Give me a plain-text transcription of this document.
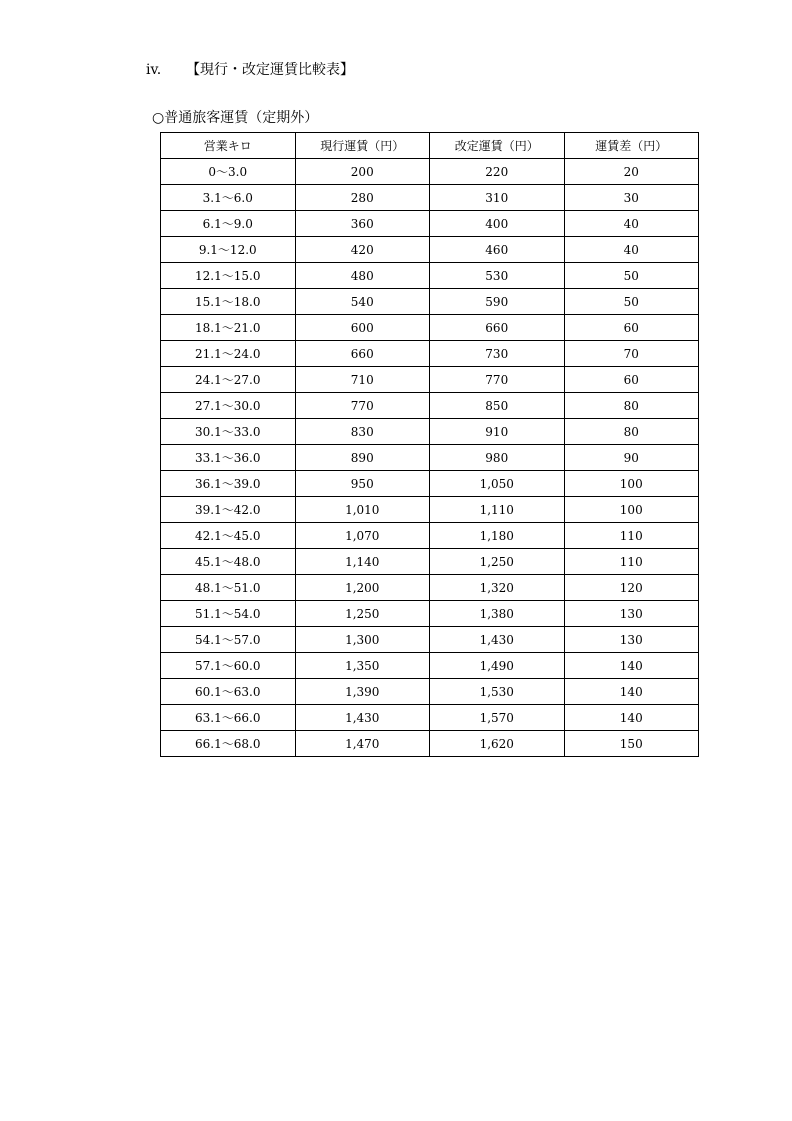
iv. 【現行・改定運賃比較表】
○普通旅客運賃（定期外）
営業キロ	現行運賃（円）	改定運賃（円）	運賃差（円）
0～3.0	200	220	20
3.1～6.0	280	310	30
6.1～9.0	360	400	40
9.1～12.0	420	460	40
12.1～15.0	480	530	50
15.1～18.0	540	590	50
18.1～21.0	600	660	60
21.1～24.0	660	730	70
24.1～27.0	710	770	60
27.1～30.0	770	850	80
30.1～33.0	830	910	80
33.1～36.0	890	980	90
36.1～39.0	950	1,050	100
39.1～42.0	1,010	1,110	100
42.1～45.0	1,070	1,180	110
45.1～48.0	1,140	1,250	110
48.1～51.0	1,200	1,320	120
51.1～54.0	1,250	1,380	130
54.1～57.0	1,300	1,430	130
57.1～60.0	1,350	1,490	140
60.1～63.0	1,390	1,530	140
63.1～66.0	1,430	1,570	140
66.1～68.0	1,470	1,620	150
